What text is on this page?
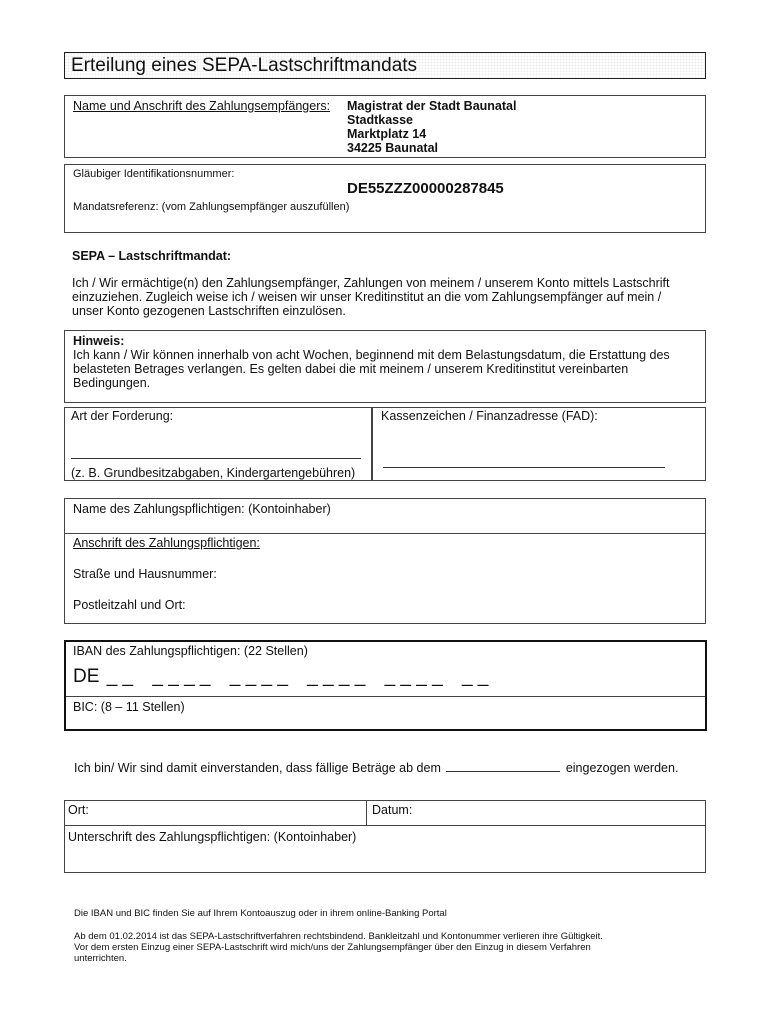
Erteilung eines SEPA-Lastschriftmandats
Name und Anschrift des Zahlungsempfängers: Magistrat der Stadt Baunatal
Stadtkasse
Marktplatz 14
34225 Baunatal
Gläubiger Identifikationsnummer:
DE55ZZZ00000287845
Mandatsreferenz: (vom Zahlungsempfänger auszufüllen)
SEPA – Lastschriftmandat:
Ich / Wir ermächtige(n) den Zahlungsempfänger, Zahlungen von meinem / unserem Konto mittels Lastschrift
einzuziehen. Zugleich weise ich / weisen wir unser Kreditinstitut an die vom Zahlungsempfänger auf mein /
unser Konto gezogenen Lastschriften einzulösen.
Hinweis:
Ich kann / Wir können innerhalb von acht Wochen, beginnend mit dem Belastungsdatum, die Erstattung des
belasteten Betrages verlangen. Es gelten dabei die mit meinem / unserem Kreditinstitut vereinbarten
Bedingungen.
Art der Forderung:
(z. B. Grundbesitzabgaben, Kindergartengebühren)
Kassenzeichen / Finanzadresse (FAD):
Name des Zahlungspflichtigen: (Kontoinhaber)
Anschrift des Zahlungspflichtigen:
Straße und Hausnummer:
Postleitzahl und Ort:
IBAN des Zahlungspflichtigen: (22 Stellen)
DE _ _ _ _ _ _ _ _ _ _ _ _ _ _ _ _ _ _ _ _
BIC: (8 – 11 Stellen)
Ich bin/ Wir sind damit einverstanden, dass fällige Beträge ab dem	eingezogen werden.
Ort:	Datum:
Unterschrift des Zahlungspflichtigen: (Kontoinhaber)
Die IBAN und BIC finden Sie auf Ihrem Kontoauszug oder in ihrem online-Banking Portal
Ab dem 01.02.2014 ist das SEPA-Lastschriftverfahren rechtsbindend. Bankleitzahl und Kontonummer verlieren ihre Gültigkeit.
Vor dem ersten Einzug einer SEPA-Lastschrift wird mich/uns der Zahlungsempfänger über den Einzug in diesem Verfahren
unterrichten.
